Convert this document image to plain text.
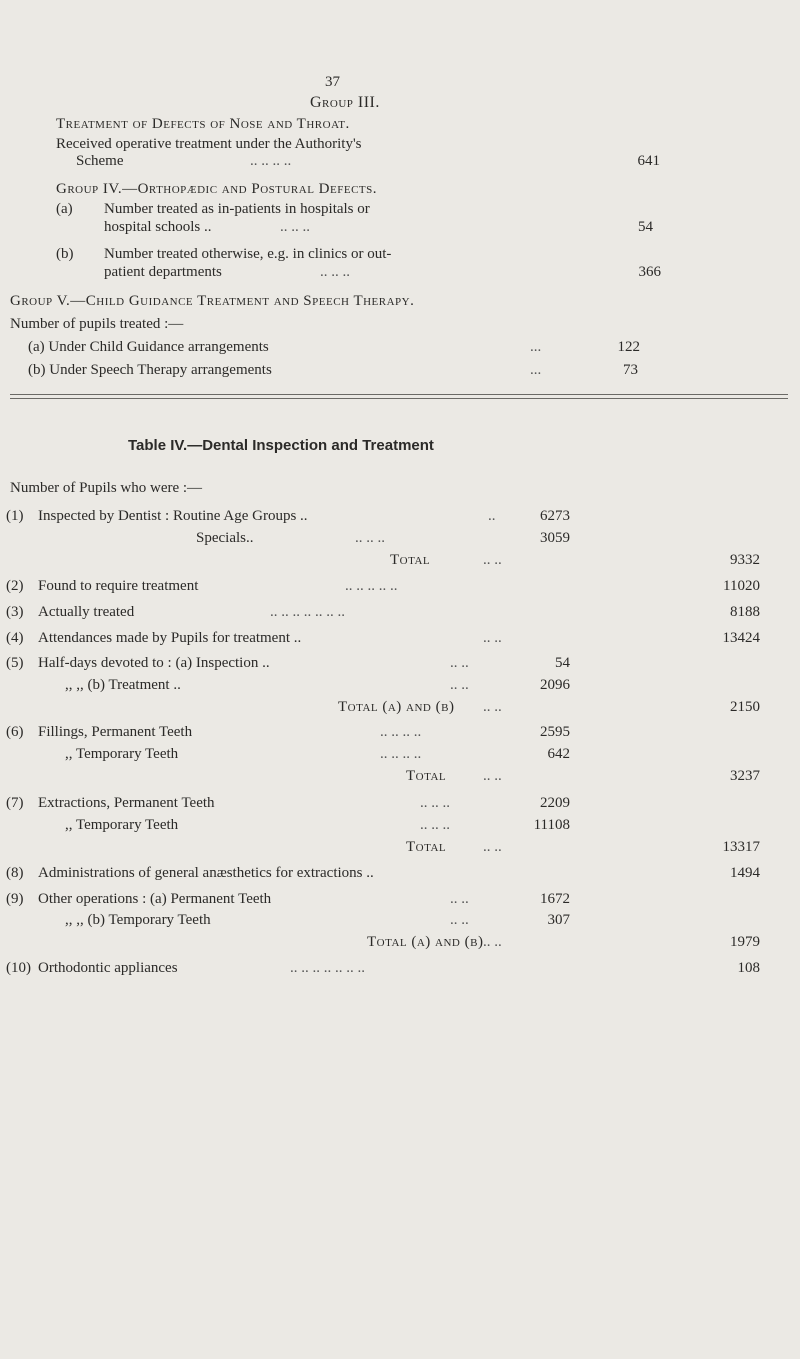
37
Group III.
Treatment of Defects of Nose and Throat.
Received operative treatment under the Authority's
Scheme	.. .. .. ..	641
Group IV.—Orthopædic and Postural Defects.
(a) Number treated as in-patients in hospitals or
hospital schools ..	.. .. ..	54
(b) Number treated otherwise, e.g. in clinics or out-
patient departments	.. .. ..	366
Group V.—Child Guidance Treatment and Speech Therapy.
Number of pupils treated :—
(a) Under Child Guidance arrangements	...	122
(b) Under Speech Therapy arrangements	...	73
Table IV.—Dental Inspection and Treatment
Number of Pupils who were :—
(1) Inspected by Dentist : Routine Age Groups ..	..	6273
Specials..	.. .. ..	3059
Total	.. ..	9332
(2) Found to require treatment	.. .. .. .. ..	11020
(3) Actually treated	.. .. .. .. .. .. ..	8188
(4) Attendances made by Pupils for treatment ..	.. ..	13424
(5) Half-days devoted to : (a) Inspection ..	.. ..	54
,, ,, (b) Treatment ..	.. ..	2096
Total (a) and (b) .. ..	2150
(6) Fillings, Permanent Teeth	.. .. .. ..	2595
,, Temporary Teeth	.. .. .. ..	642
Total .. ..	3237
(7) Extractions, Permanent Teeth	.. .. ..	2209
,, Temporary Teeth	.. .. ..	11108
Total .. ..	13317
(8) Administrations of general anæsthetics for extractions ..	1494
(9) Other operations : (a) Permanent Teeth	.. ..	1672
,, ,, (b) Temporary Teeth	.. ..	307
Total (a) and (b) .. ..	1979
(10) Orthodontic appliances	.. .. .. .. .. .. ..	108
